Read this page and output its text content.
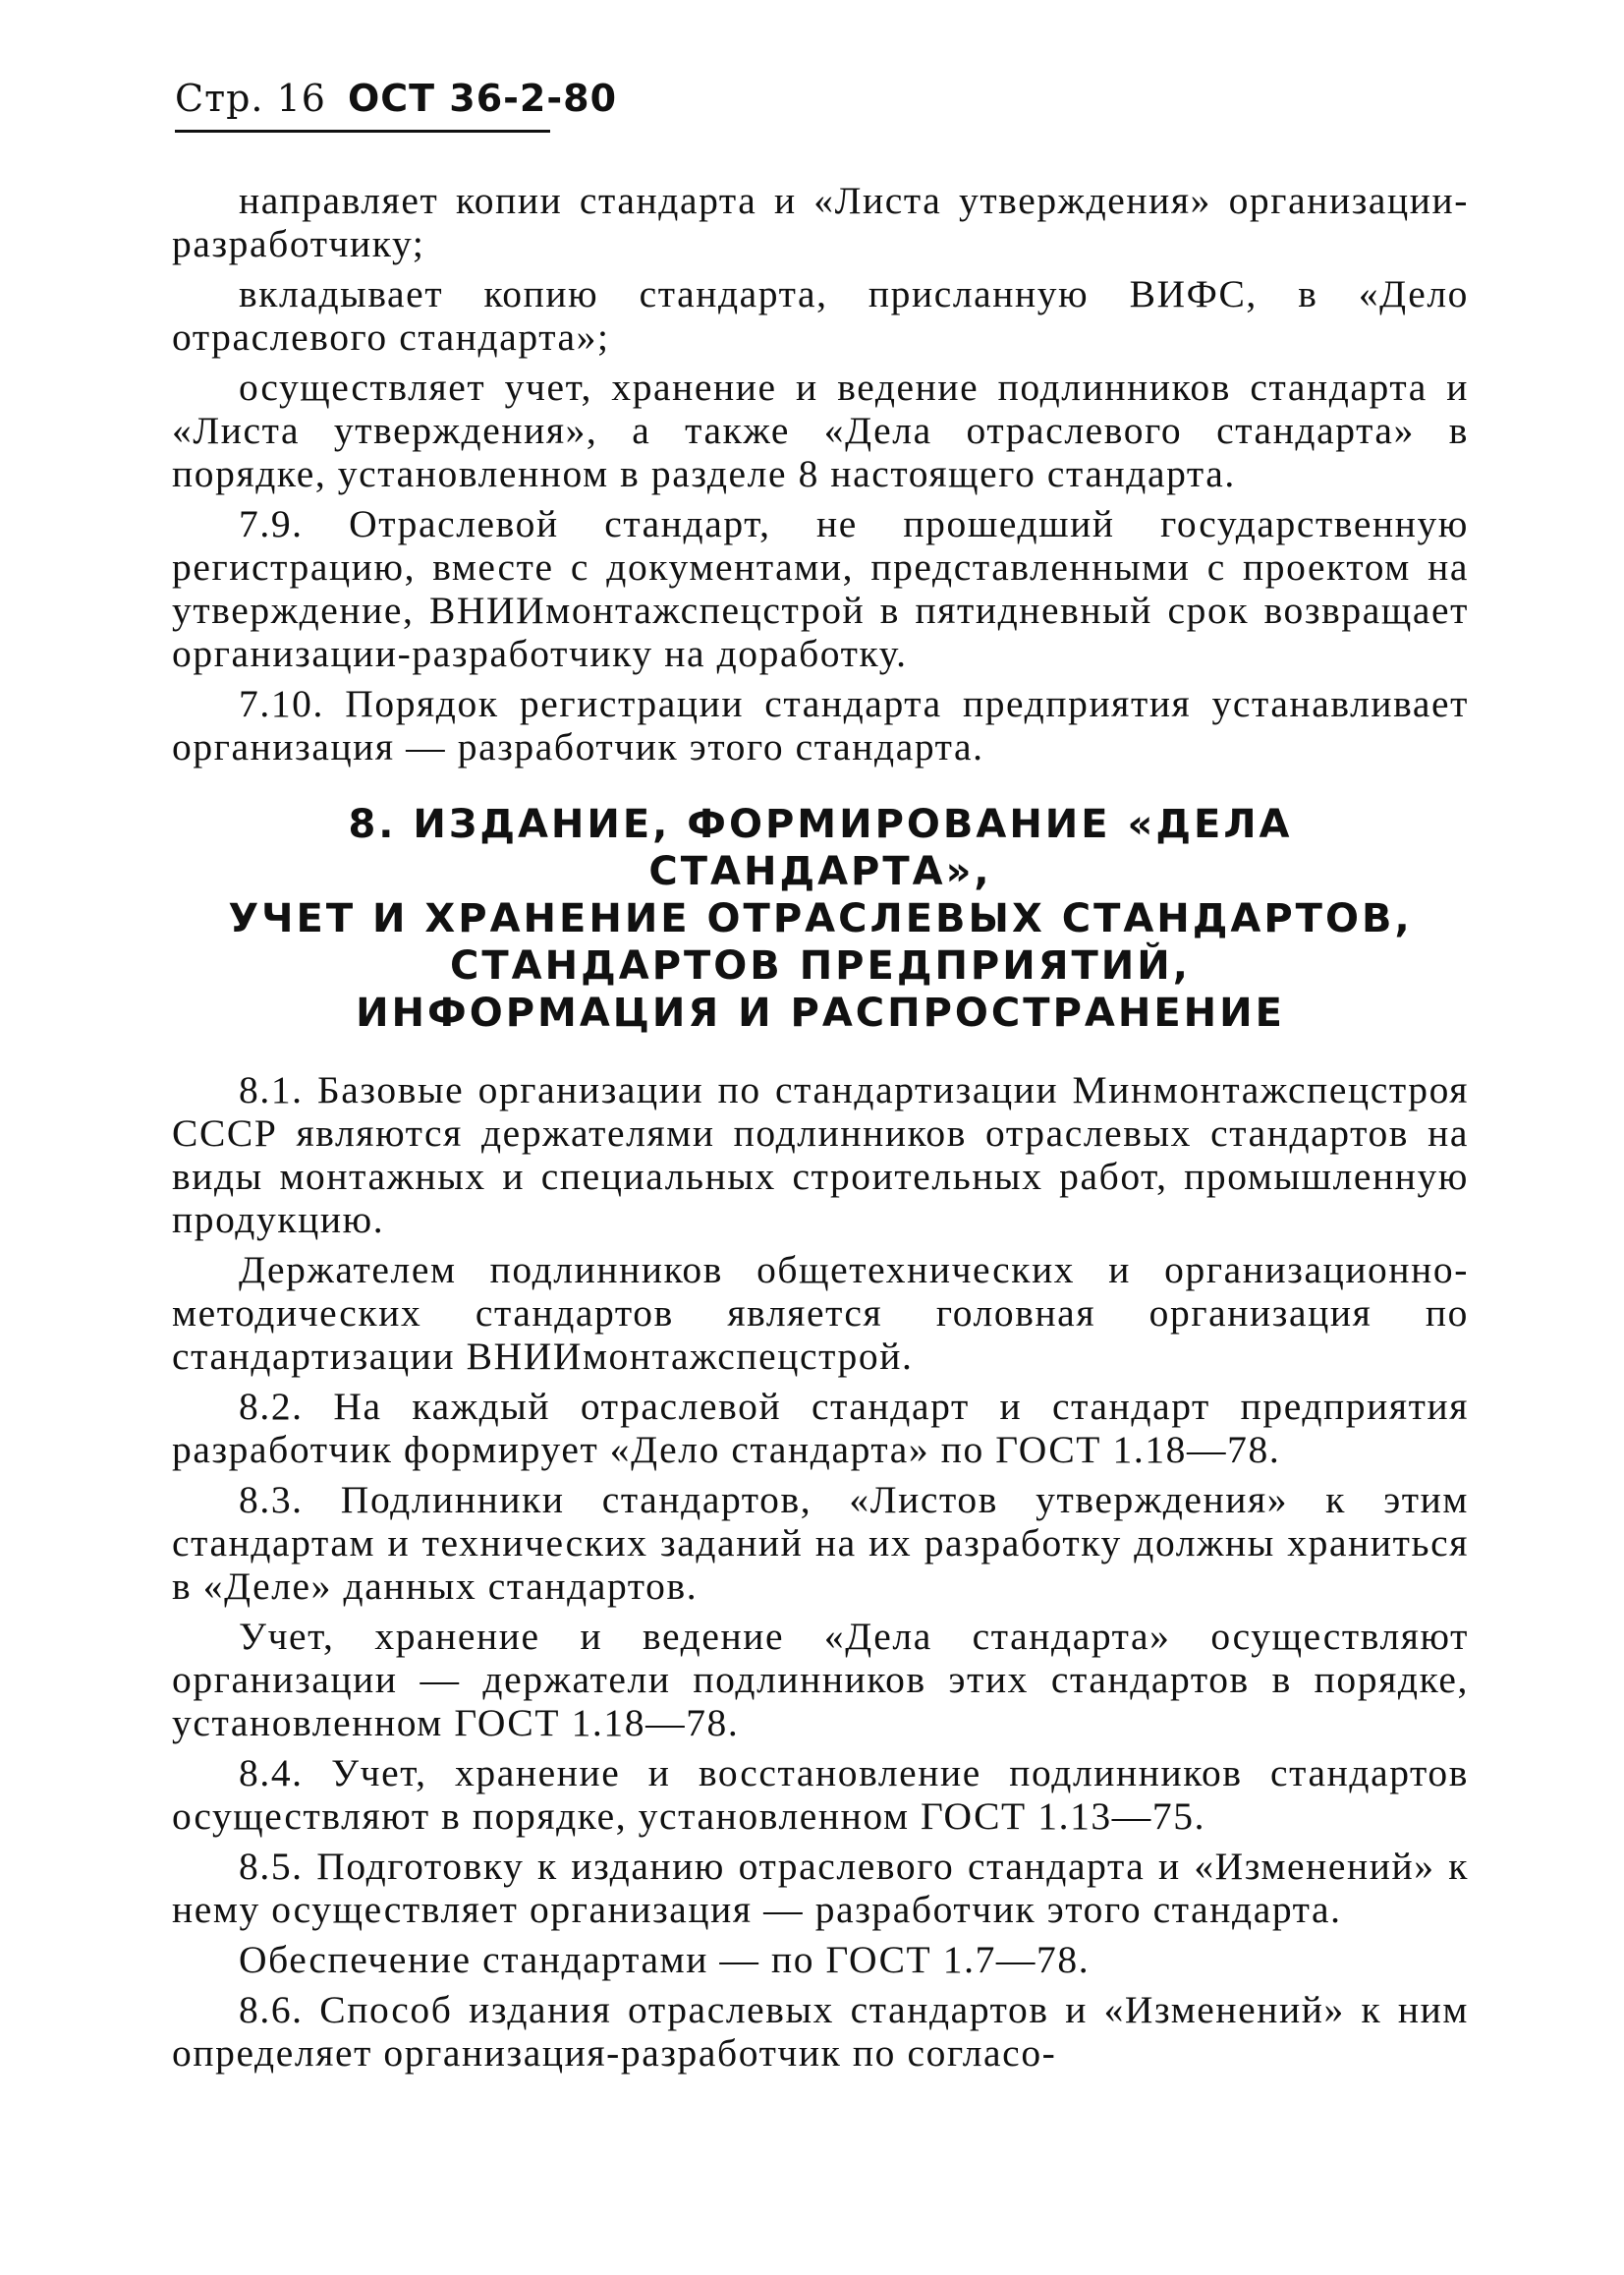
Стр. 16 ОСТ 36-2-80

направляет копии стандарта и «Листа утверждения» организации-разработчику;

вкладывает копию стандарта, присланную ВИФС, в «Дело отраслевого стандарта»;

осуществляет учет, хранение и ведение подлинников стандарта и «Листа утверждения», а также «Дела отраслевого стандарта» в порядке, установленном в разделе 8 настоящего стандарта.

7.9. Отраслевой стандарт, не прошедший государственную регистрацию, вместе с документами, представленными с проектом на утверждение, ВНИИмонтажспецстрой в пятидневный срок возвращает организации-разработчику на доработку.

7.10. Порядок регистрации стандарта предприятия устанавливает организация — разработчик этого стандарта.

8. ИЗДАНИЕ, ФОРМИРОВАНИЕ «ДЕЛА СТАНДАРТА»,
УЧЕТ И ХРАНЕНИЕ ОТРАСЛЕВЫХ СТАНДАРТОВ,
СТАНДАРТОВ ПРЕДПРИЯТИЙ,
ИНФОРМАЦИЯ И РАСПРОСТРАНЕНИЕ

8.1. Базовые организации по стандартизации Минмонтажспецстроя СССР являются держателями подлинников отраслевых стандартов на виды монтажных и специальных строительных работ, промышленную продукцию.

Держателем подлинников общетехнических и организационно-методических стандартов является головная организация по стандартизации ВНИИмонтажспецстрой.

8.2. На каждый отраслевой стандарт и стандарт предприятия разработчик формирует «Дело стандарта» по ГОСТ 1.18—78.

8.3. Подлинники стандартов, «Листов утверждения» к этим стандартам и технических заданий на их разработку должны храниться в «Деле» данных стандартов.

Учет, хранение и ведение «Дела стандарта» осуществляют организации — держатели подлинников этих стандартов в порядке, установленном ГОСТ 1.18—78.

8.4. Учет, хранение и восстановление подлинников стандартов осуществляют в порядке, установленном ГОСТ 1.13—75.

8.5. Подготовку к изданию отраслевого стандарта и «Изменений» к нему осуществляет организация — разработчик этого стандарта.

Обеспечение стандартами — по ГОСТ 1.7—78.

8.6. Способ издания отраслевых стандартов и «Изменений» к ним определяет организация-разработчик по согласо-
